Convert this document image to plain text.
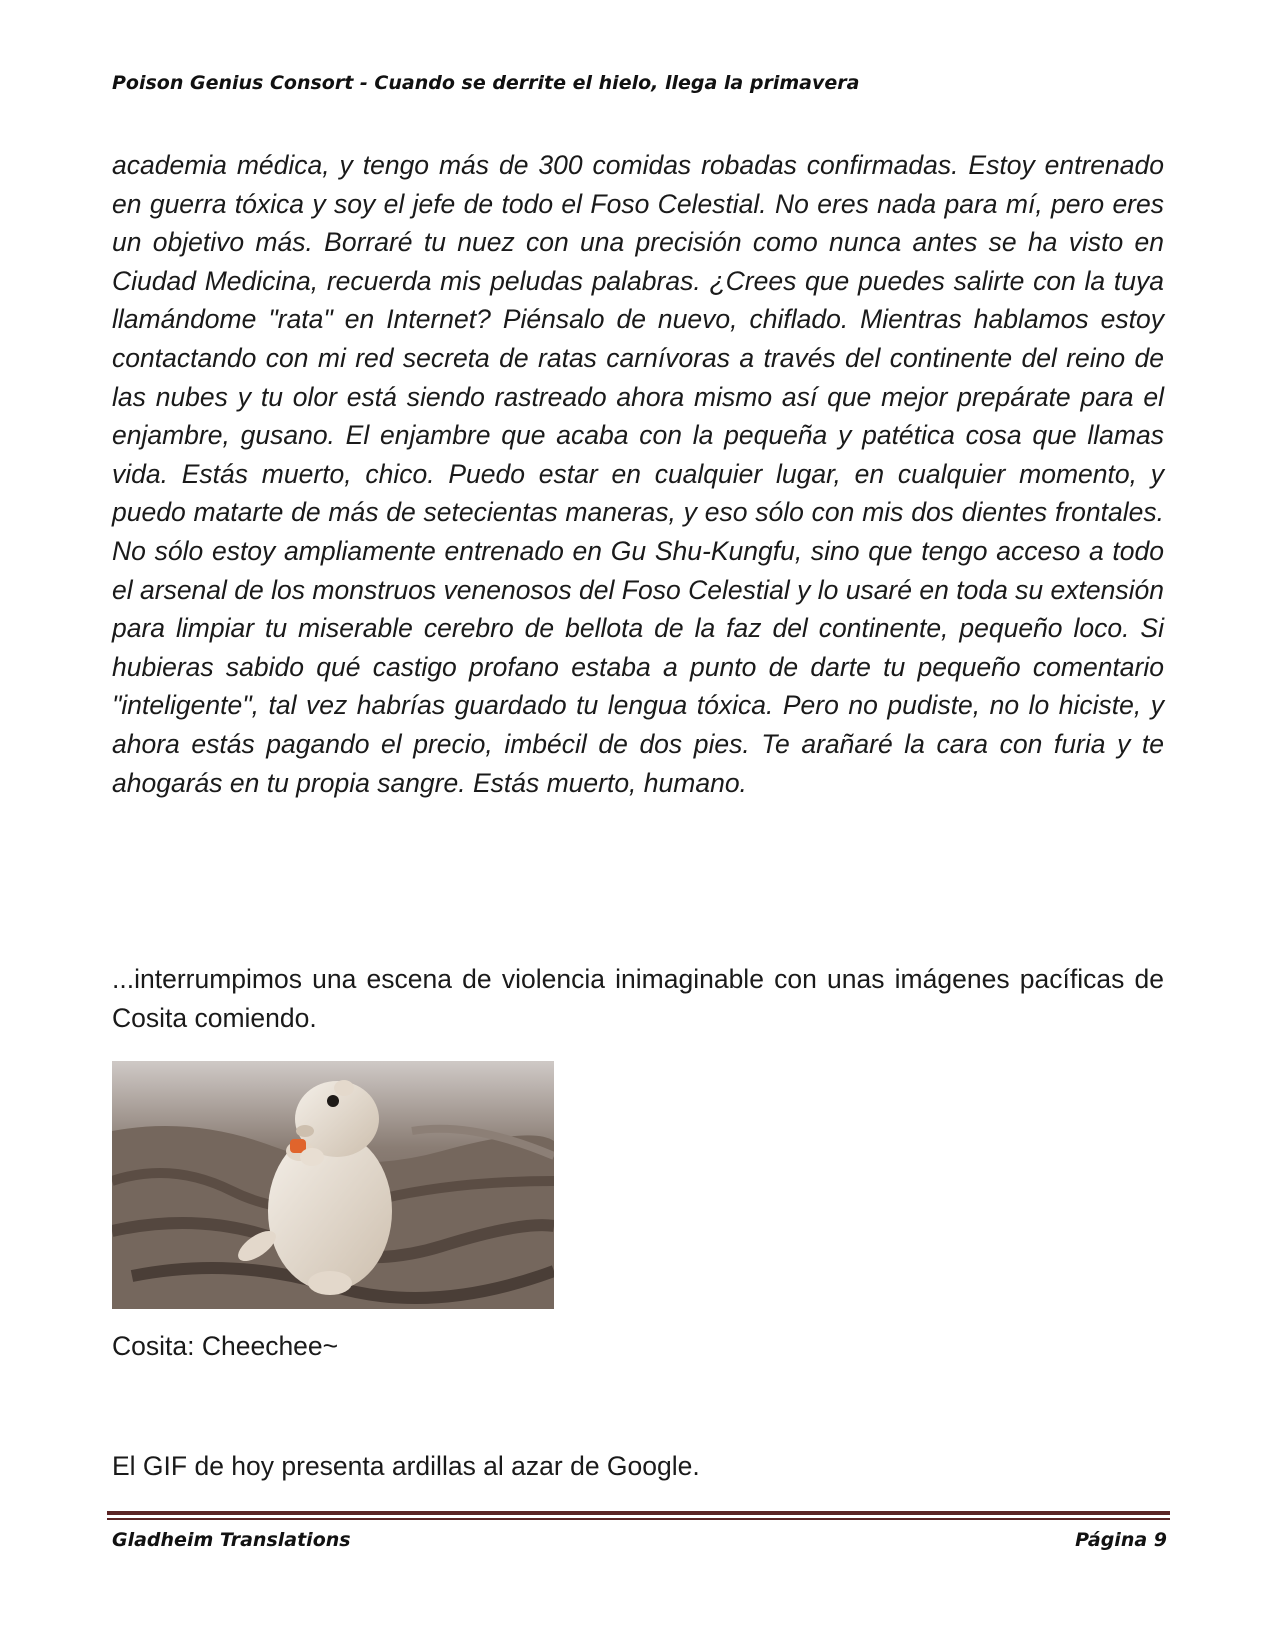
Poison Genius Consort - Cuando se derrite el hielo, llega la primavera
academia médica, y tengo más de 300 comidas robadas confirmadas. Estoy entrenado en guerra tóxica y soy el jefe de todo el Foso Celestial. No eres nada para mí, pero eres un objetivo más. Borraré tu nuez con una precisión como nunca antes se ha visto en Ciudad Medicina, recuerda mis peludas palabras. ¿Crees que puedes salirte con la tuya llamándome "rata" en Internet? Piénsalo de nuevo, chiflado. Mientras hablamos estoy contactando con mi red secreta de ratas carnívoras a través del continente del reino de las nubes y tu olor está siendo rastreado ahora mismo así que mejor prepárate para el enjambre, gusano. El enjambre que acaba con la pequeña y patética cosa que llamas vida. Estás muerto, chico. Puedo estar en cualquier lugar, en cualquier momento, y puedo matarte de más de setecientas maneras, y eso sólo con mis dos dientes frontales. No sólo estoy ampliamente entrenado en Gu Shu-Kungfu, sino que tengo acceso a todo el arsenal de los monstruos venenosos del Foso Celestial y lo usaré en toda su extensión para limpiar tu miserable cerebro de bellota de la faz del continente, pequeño loco. Si hubieras sabido qué castigo profano estaba a punto de darte tu pequeño comentario "inteligente", tal vez habrías guardado tu lengua tóxica. Pero no pudiste, no lo hiciste, y ahora estás pagando el precio, imbécil de dos pies. Te arañaré la cara con furia y te ahogarás en tu propia sangre. Estás muerto, humano.
...interrumpimos una escena de violencia inimaginable con unas imágenes pacíficas de Cosita comiendo.
Cosita: Cheechee~
El GIF de hoy presenta ardillas al azar de Google.
Gladheim Translations	Página 9
